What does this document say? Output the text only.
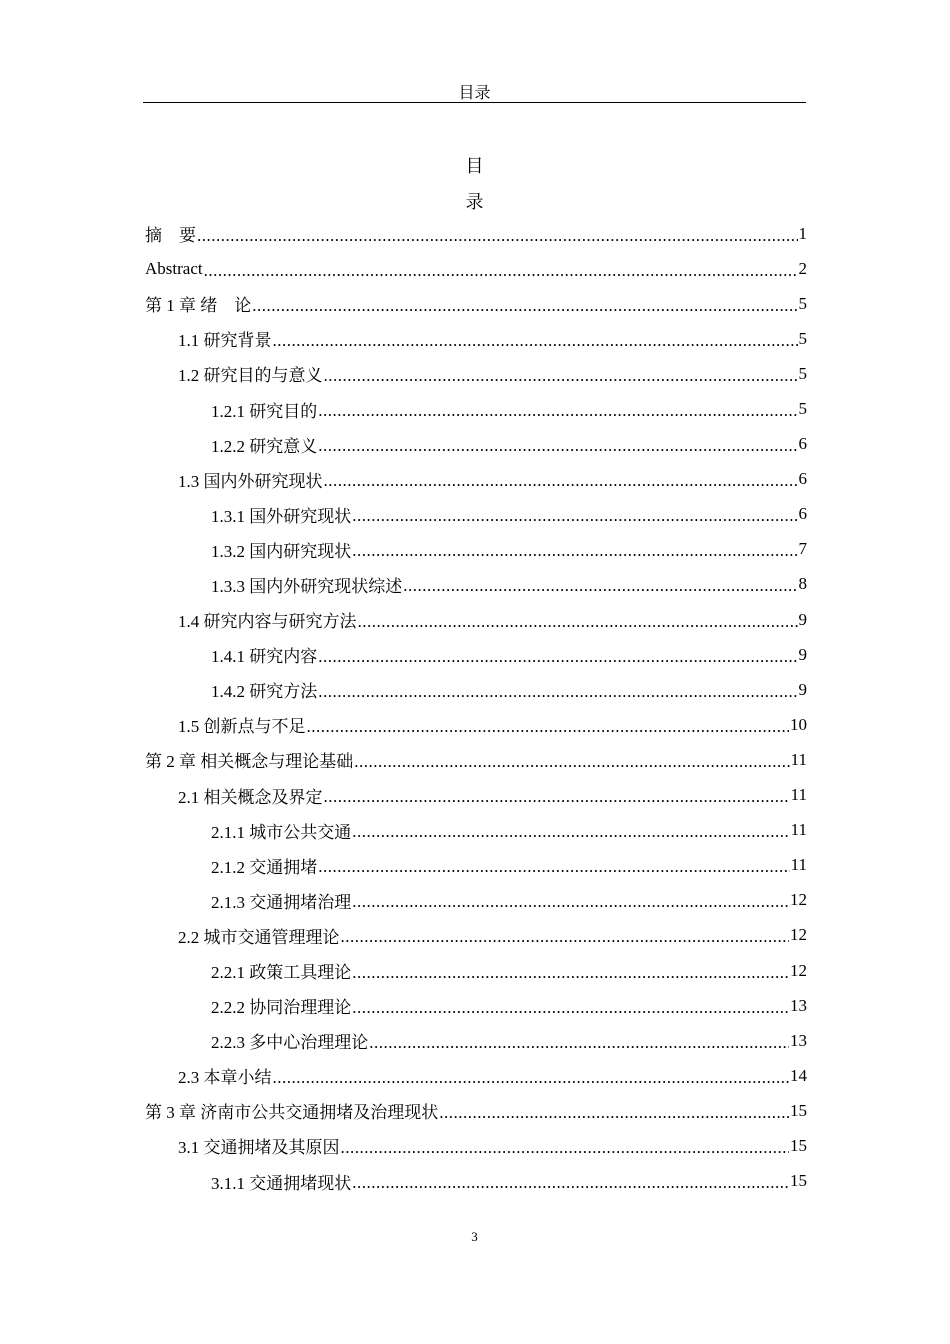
目录
目
录
摘　要 .....	1
Abstract .....	2
第 1 章 绪　论 .....	5
1.1 研究背景 .....	5
1.2 研究目的与意义 .....	5
1.2.1 研究目的 .....	5
1.2.2 研究意义 .....	6
1.3 国内外研究现状 .....	6
1.3.1 国外研究现状 .....	6
1.3.2 国内研究现状 .....	7
1.3.3 国内外研究现状综述 .....	8
1.4 研究内容与研究方法 .....	9
1.4.1 研究内容 .....	9
1.4.2 研究方法 .....	9
1.5 创新点与不足 .....	10
第 2 章 相关概念与理论基础 .....	11
2.1 相关概念及界定 .....	11
2.1.1 城市公共交通 .....	11
2.1.2 交通拥堵 .....	11
2.1.3 交通拥堵治理 .....	12
2.2 城市交通管理理论 .....	12
2.2.1 政策工具理论 .....	12
2.2.2 协同治理理论 .....	13
2.2.3 多中心治理理论 .....	13
2.3 本章小结 .....	14
第 3 章 济南市公共交通拥堵及治理现状 .....	15
3.1 交通拥堵及其原因 .....	15
3.1.1 交通拥堵现状 .....	15
3
